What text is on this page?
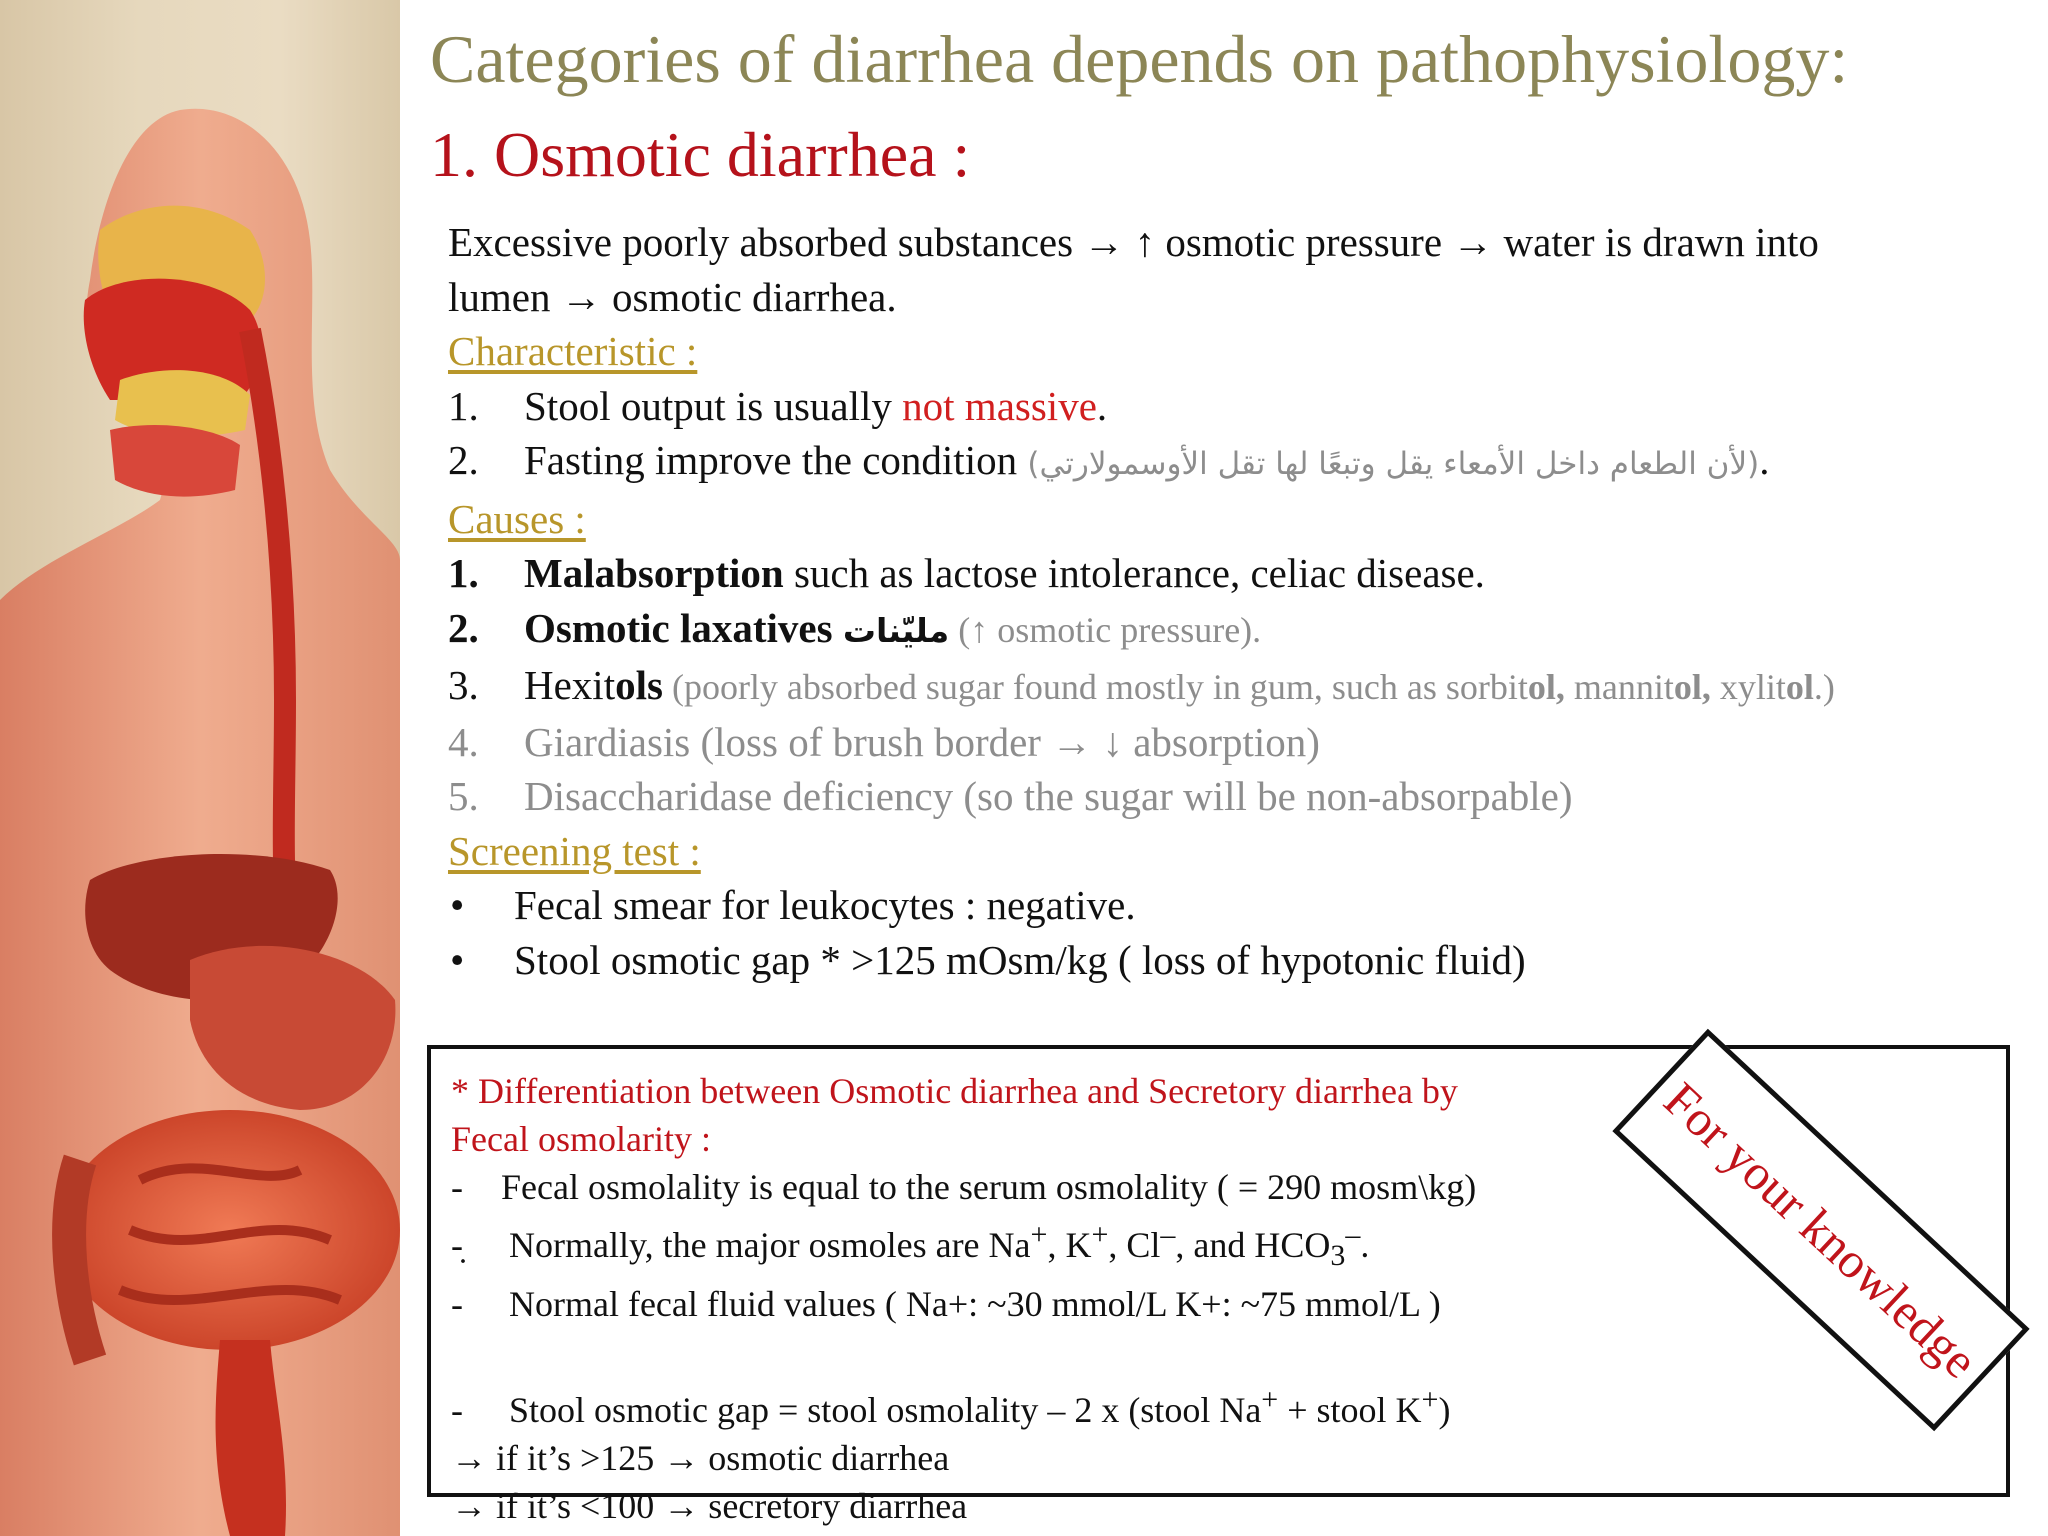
Categories of diarrhea depends on pathophysiology:
1. Osmotic diarrhea :
Excessive poorly absorbed substances → ↑ osmotic pressure → water is drawn into
lumen → osmotic diarrhea.
Characteristic :
1. Stool output is usually not massive.
2. Fasting improve the condition (لأن الطعام داخل الأمعاء يقل وتبعًا لها تقل الأوسمولارتي).
Causes :
1. Malabsorption such as lactose intolerance, celiac disease.
2. Osmotic laxatives مليّنات (↑ osmotic pressure).
3. Hexitols (poorly absorbed sugar found mostly in gum, such as sorbitol, mannitol, xylitol.)
4. Giardiasis (loss of brush border → ↓ absorption)
5. Disaccharidase deficiency (so the sugar will be non-absorpable)
Screening test :
• Fecal smear for leukocytes : negative.
• Stool osmotic gap * >125 mOsm/kg ( loss of hypotonic fluid)
* Differentiation between Osmotic diarrhea and Secretory diarrhea by
Fecal osmolarity :
- Fecal osmolality is equal to the serum osmolality ( = 290 mosm\kg)
-̣ Normally, the major osmoles are Na+, K+, Cl–, and $HCO_3^-$.
- Normal fecal fluid values ( Na+: ~30 mmol/L K+: ~75 mmol/L )
- Stool osmotic gap = stool osmolality – 2 x (stool Na+ + stool K+)
→ if it’s >125 → osmotic diarrhea
→ if it’s <100 → secretory diarrhea
For your knowledge
